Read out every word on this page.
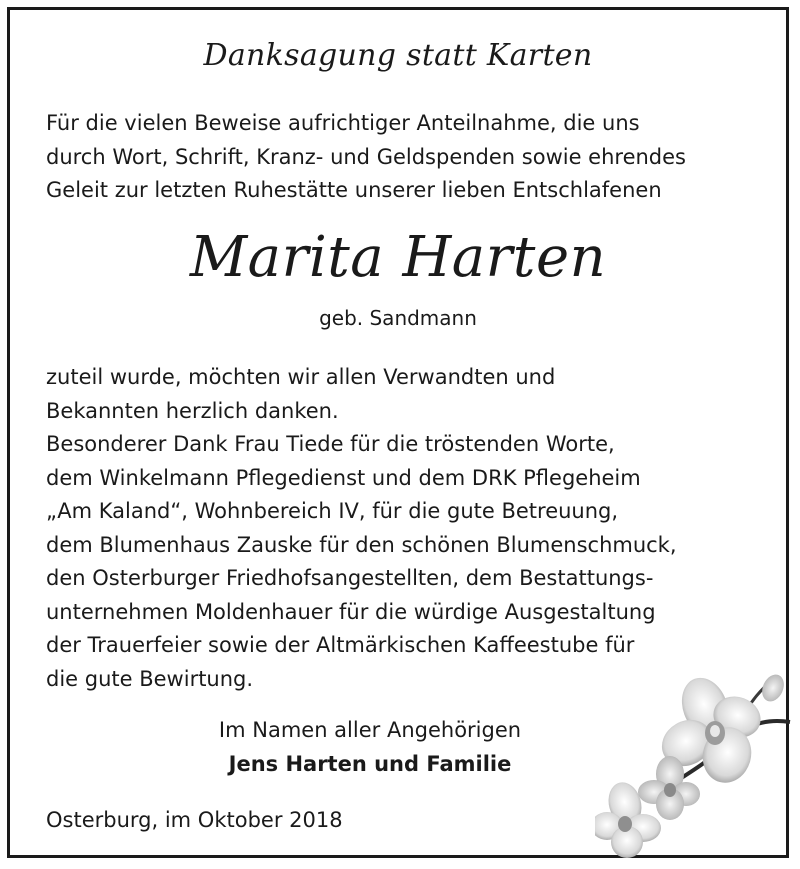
Danksagung statt Karten
Für die vielen Beweise aufrichtiger Anteilnahme, die uns
durch Wort, Schrift, Kranz- und Geldspenden sowie ehrendes
Geleit zur letzten Ruhestätte unserer lieben Entschlafenen
Marita Harten
geb. Sandmann
zuteil wurde, möchten wir allen Verwandten und
Bekannten herzlich danken.
Besonderer Dank Frau Tiede für die tröstenden Worte,
dem Winkelmann Pflegedienst und dem DRK Pflegeheim
„Am Kaland“, Wohnbereich IV, für die gute Betreuung,
dem Blumenhaus Zauske für den schönen Blumenschmuck,
den Osterburger Friedhofsangestellten, dem Bestattungs-
unternehmen Moldenhauer für die würdige Ausgestaltung
der Trauerfeier sowie der Altmärkischen Kaffeestube für
die gute Bewirtung.
Im Namen aller Angehörigen
Jens Harten und Familie
Osterburg, im Oktober 2018
